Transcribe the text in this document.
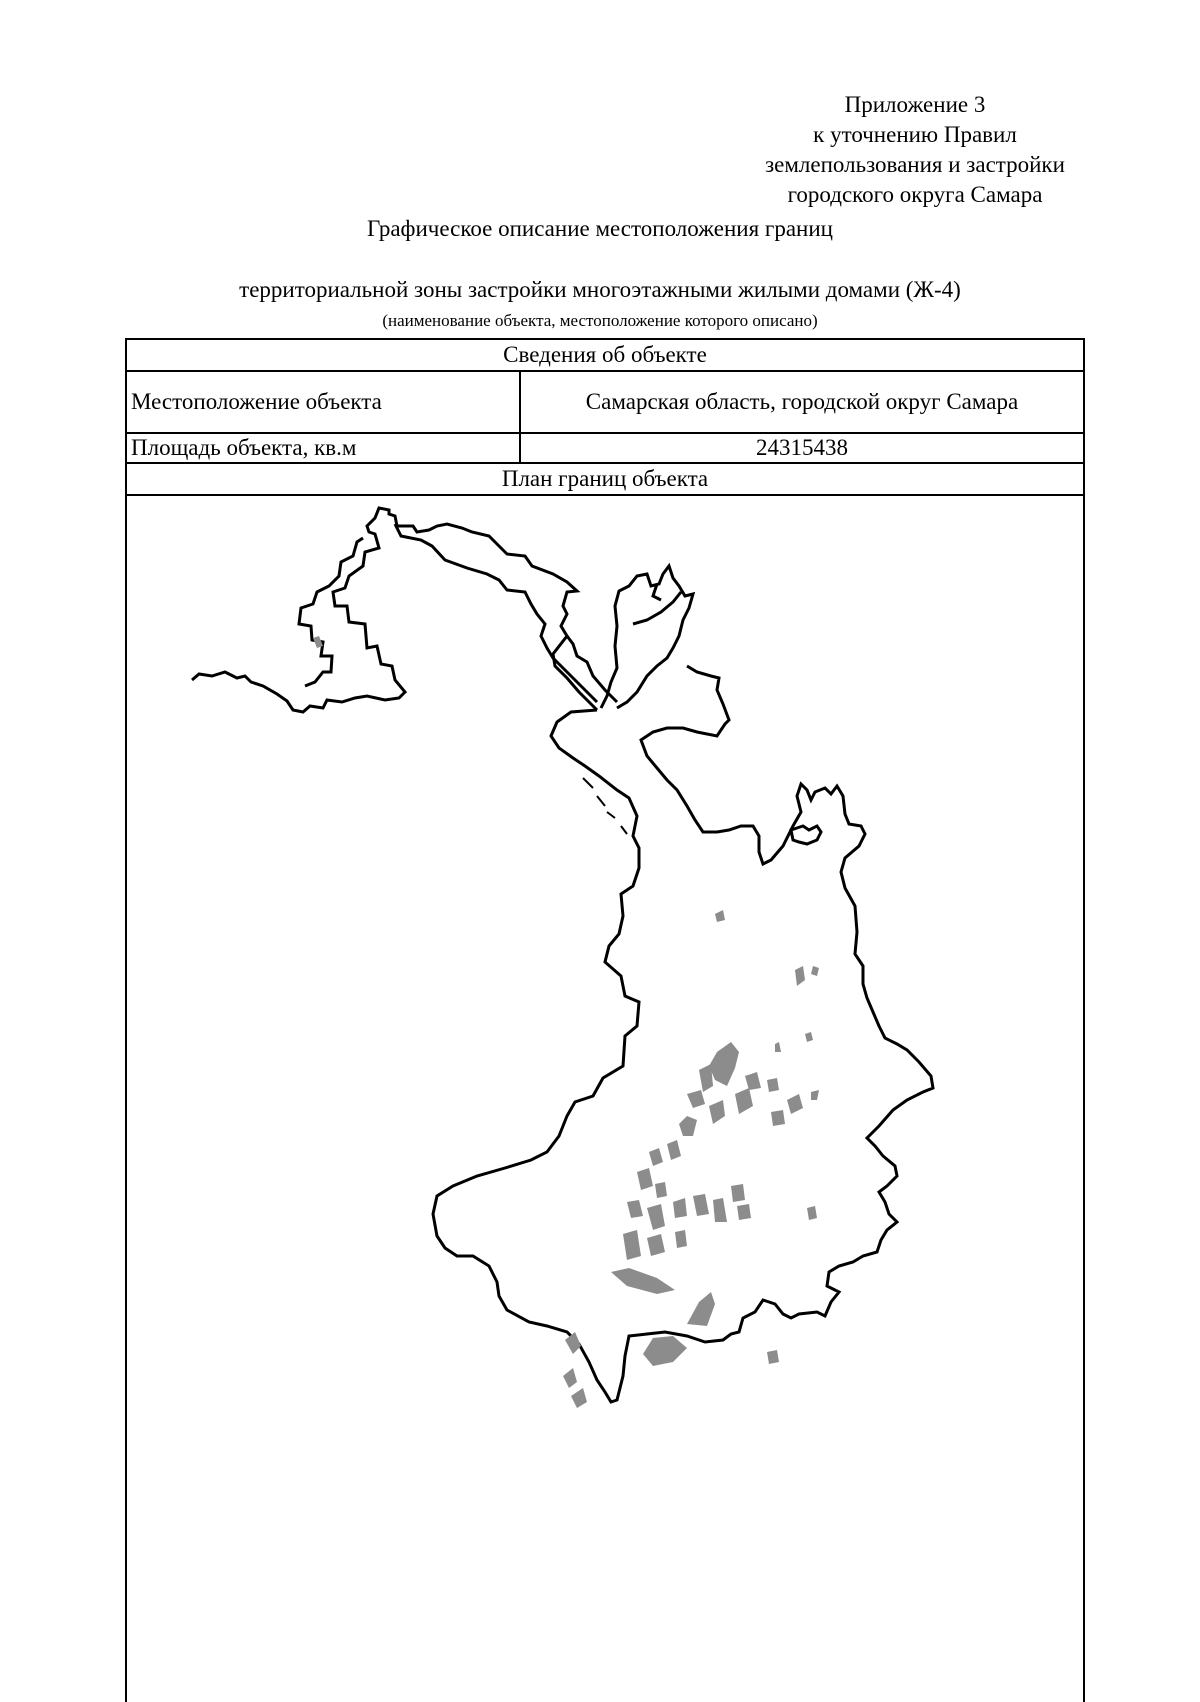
Приложение 3
к уточнению Правил
землепользования и застройки
городского округа Самара
Графическое описание местоположения границ
территориальной зоны застройки многоэтажными жилыми домами (Ж-4)
(наименование объекта, местоположение которого описано)
Сведения об объекте
Местоположение объекта	Самарская область, городской округ Самара
Площадь объекта, кв.м	24315438
План границ объекта
